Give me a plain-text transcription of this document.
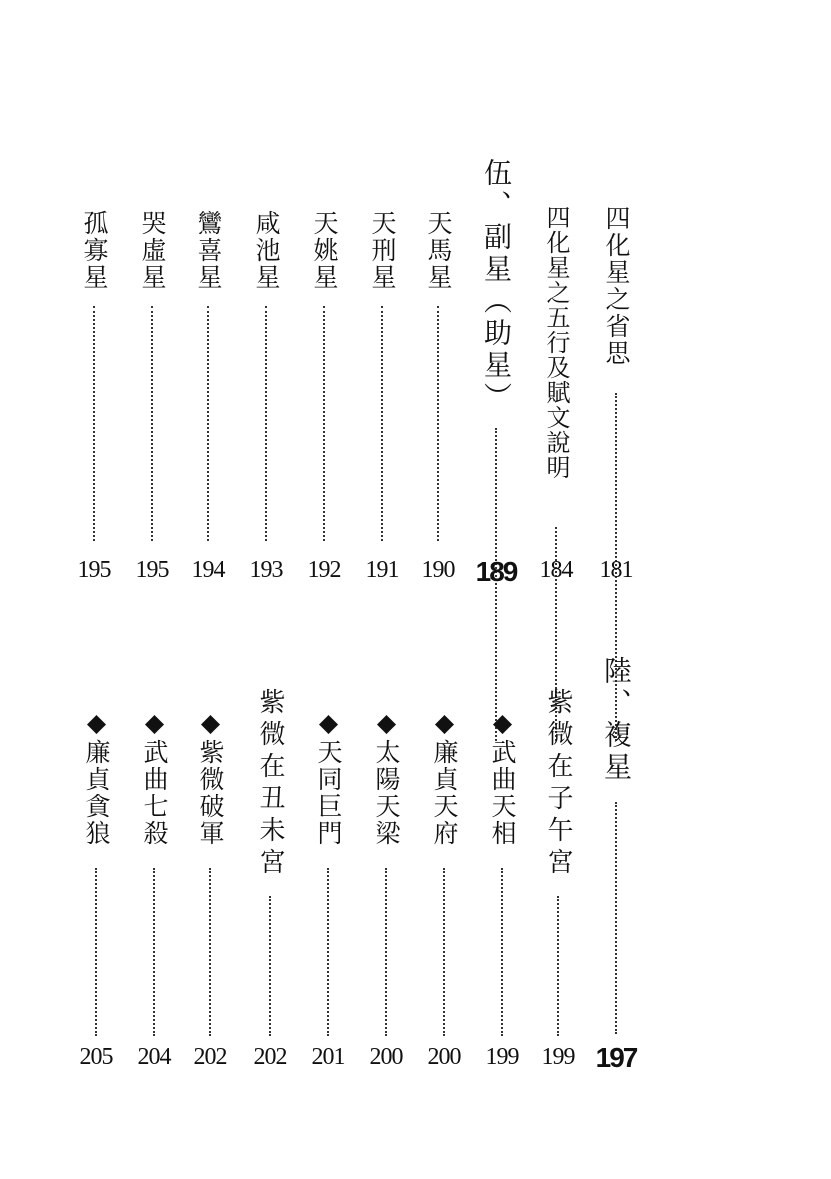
四化星之省思
181
四化星之五行及賦文說明
184
伍、副星︵助星︶
189
天馬星
190
天刑星
191
天姚星
192
咸池星
193
鸞喜星
194
哭虛星
195
孤寡星
195
陸、複星
197
紫微在子午宮
199
◆武曲天相
199
◆廉貞天府
200
◆太陽天梁
200
◆天同巨門
201
紫微在丑未宮
202
◆紫微破軍
202
◆武曲七殺
204
◆廉貞貪狼
205
